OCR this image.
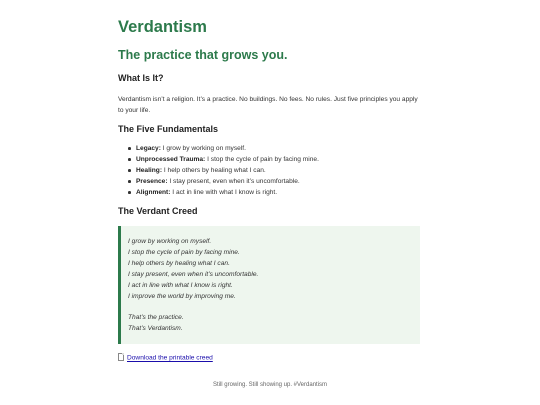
Verdantism
The practice that grows you.
What Is It?

Verdantism isn’t a religion. It’s a practice. No buildings. No fees. No rules. Just five principles you apply to your life.

The Five Fundamentals
Legacy: I grow by working on myself.
Unprocessed Trauma: I stop the cycle of pain by facing mine.
Healing: I help others by healing what I can.
Presence: I stay present, even when it’s uncomfortable.
Alignment: I act in line with what I know is right.
The Verdant Creed
I grow by working on myself.
I stop the cycle of pain by facing mine.
I help others by healing what I can.
I stay present, even when it’s uncomfortable.
I act in line with what I know is right.
I improve the world by improving me.
That’s the practice.
That’s Verdantism.
Download the printable creed
Still growing. Still showing up. #Verdantism
